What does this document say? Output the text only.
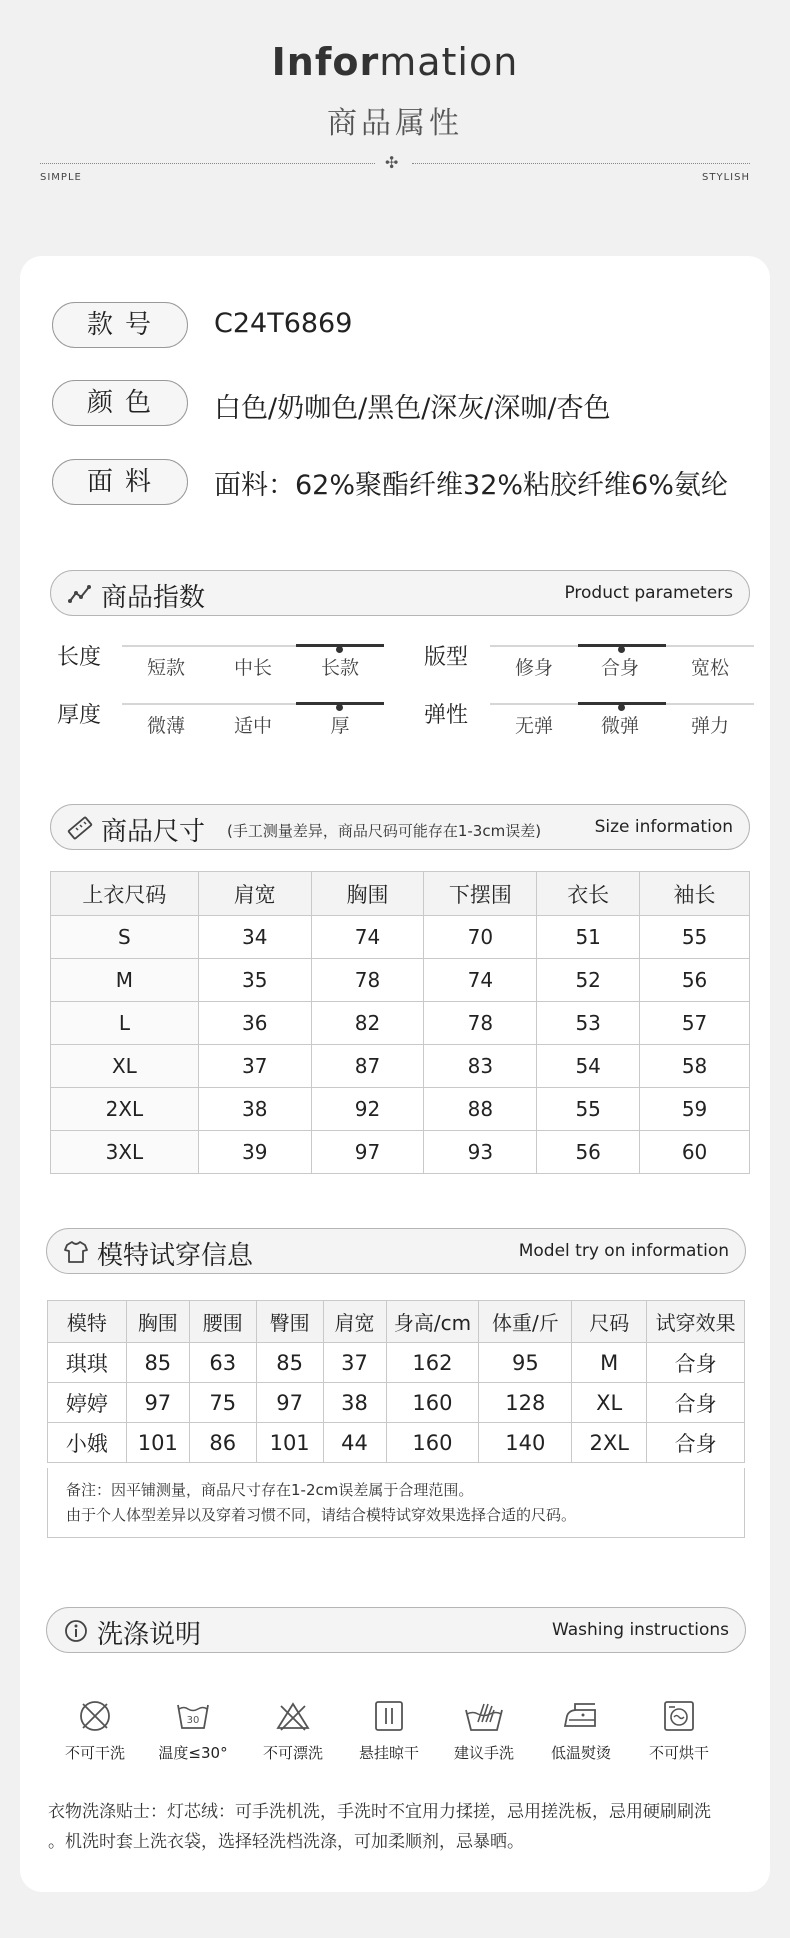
Information
商品属性
✣
SIMPLE	STYLISH
款号	C24T6869
颜色	白色/奶咖色/黑色/深灰/深咖/杏色
面料	面料：62%聚酯纤维32%粘胶纤维6%氨纶
商品指数	Product parameters
长度	短款	中长	长款	版型	修身	合身	宽松
厚度	微薄	适中	厚	弹性	无弹	微弹	弹力
商品尺寸 (手工测量差异，商品尺码可能存在1-3cm误差)	Size information
上衣尺码	肩宽	胸围	下摆围	衣长	袖长
S	34	74	70	51	55
M	35	78	74	52	56
L	36	82	78	53	57
XL	37	87	83	54	58
2XL	38	92	88	55	59
3XL	39	97	93	56	60
模特试穿信息	Model try on information
模特	胸围	腰围	臀围	肩宽	身高/cm	体重/斤	尺码	试穿效果
琪琪	85	63	85	37	162	95	M	合身
婷婷	97	75	97	38	160	128	XL	合身
小娥	101	86	101	44	160	140	2XL	合身
备注：因平铺测量，商品尺寸存在1-2cm误差属于合理范围。
由于个人体型差异以及穿着习惯不同，请结合模特试穿效果选择合适的尺码。
洗涤说明	Washing instructions
不可干洗
30
温度≤30°	不可漂洗	悬挂晾干	建议手洗	低温熨烫	不可烘干
衣物洗涤贴士：灯芯绒：可手洗机洗，手洗时不宜用力揉搓，忌用搓洗板，忌用硬刷刷洗
。机洗时套上洗衣袋，选择轻洗档洗涤，可加柔顺剂，忌暴晒。
